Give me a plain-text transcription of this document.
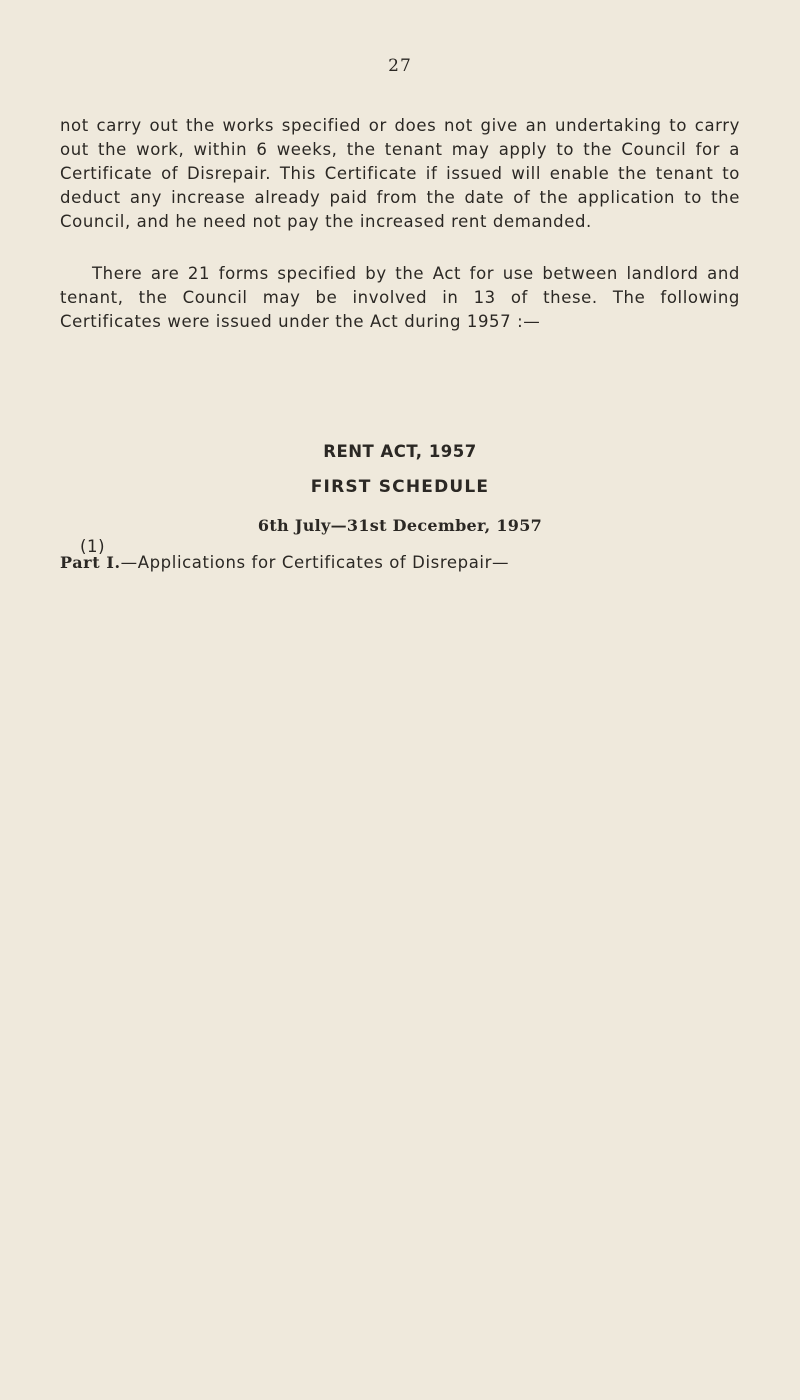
27

not carry out the works specified or does not give an undertaking to carry out the work, within 6 weeks, the tenant may apply to the Council for a Certificate of Disrepair. This Certificate if issued will enable the tenant to deduct any increase already paid from the date of the application to the Council, and he need not pay the increased rent demanded.

There are 21 forms specified by the Act for use between landlord and tenant, the Council may be involved in 13 of these. The following Certificates were issued under the Act during 1957 :—

RENT ACT, 1957
FIRST SCHEDULE
6th July—31st December, 1957

Part I.—Applications for Certificates of Disrepair—

(1)
